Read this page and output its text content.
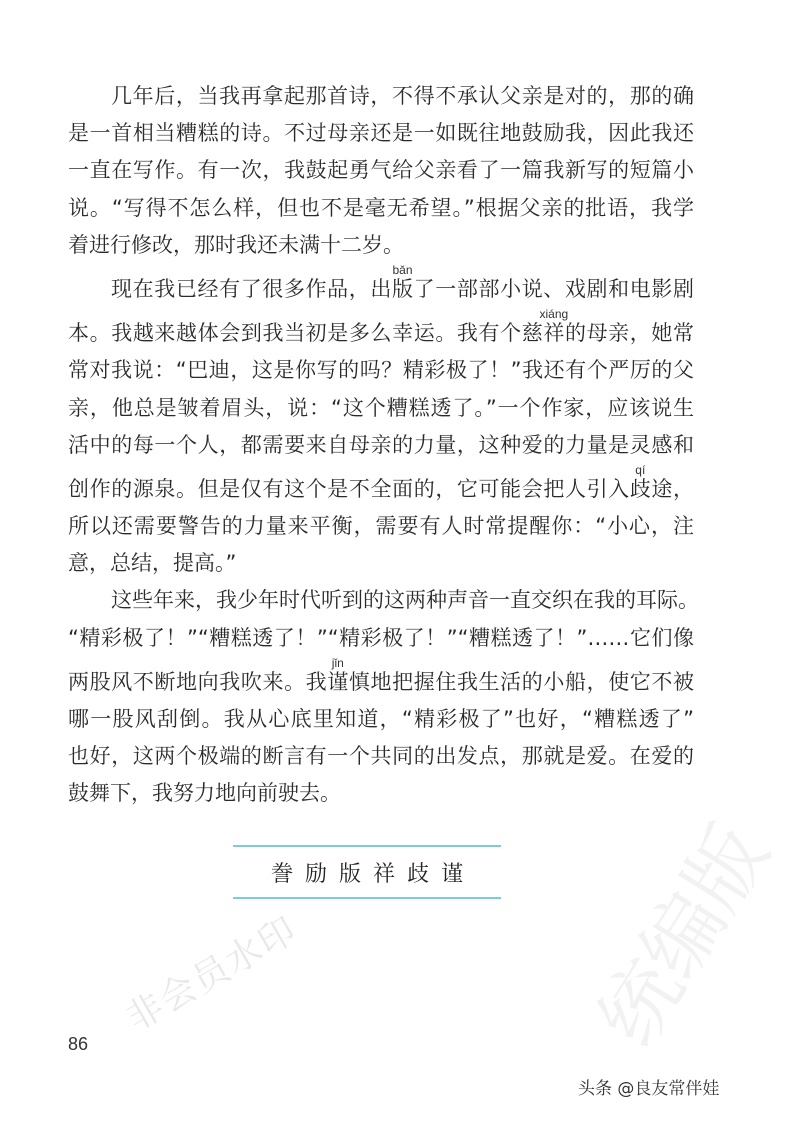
非会员水印	统编版
几年后，当我再拿起那首诗，不得不承认父亲是对的，那的确
是一首相当糟糕的诗。不过母亲还是一如既往地鼓励我，因此我还
一直在写作。有一次，我鼓起勇气给父亲看了一篇我新写的短篇小
说。“写得不怎么样，但也不是毫无希望。”根据父亲的批语，我学
着进行修改，那时我还未满十二岁。
现在我已经有了很多作品，出版
bǎn
了一部部小说、戏剧和电影剧
本。我越来越体会到我当初是多么幸运。我有个慈祥
xiáng
的母亲，她常
常对我说：“巴迪，这是你写的吗？精彩极了！”我还有个严厉的父
亲，他总是皱着眉头，说：“这个糟糕透了。”一个作家，应该说生
活中的每一个人，都需要来自母亲的力量，这种爱的力量是灵感和
创作的源泉。但是仅有这个是不全面的，它可能会把人引入歧
qí
途，
所以还需要警告的力量来平衡，需要有人时常提醒你：“小心，注
意，总结，提高。”
这些年来，我少年时代听到的这两种声音一直交织在我的耳际。
“精彩极了！”“糟糕透了！”“精彩极了！”“糟糕透了！”……它们像
两股风不断地向我吹来。我谨
jǐn
慎地把握住我生活的小船，使它不被
哪一股风刮倒。我从心底里知道，“精彩极了”也好，“糟糕透了”
也好，这两个极端的断言有一个共同的出发点，那就是爱。在爱的
鼓舞下，我努力地向前驶去。
誊 励 版 祥 歧 谨
86
头条 @良友常伴娃
